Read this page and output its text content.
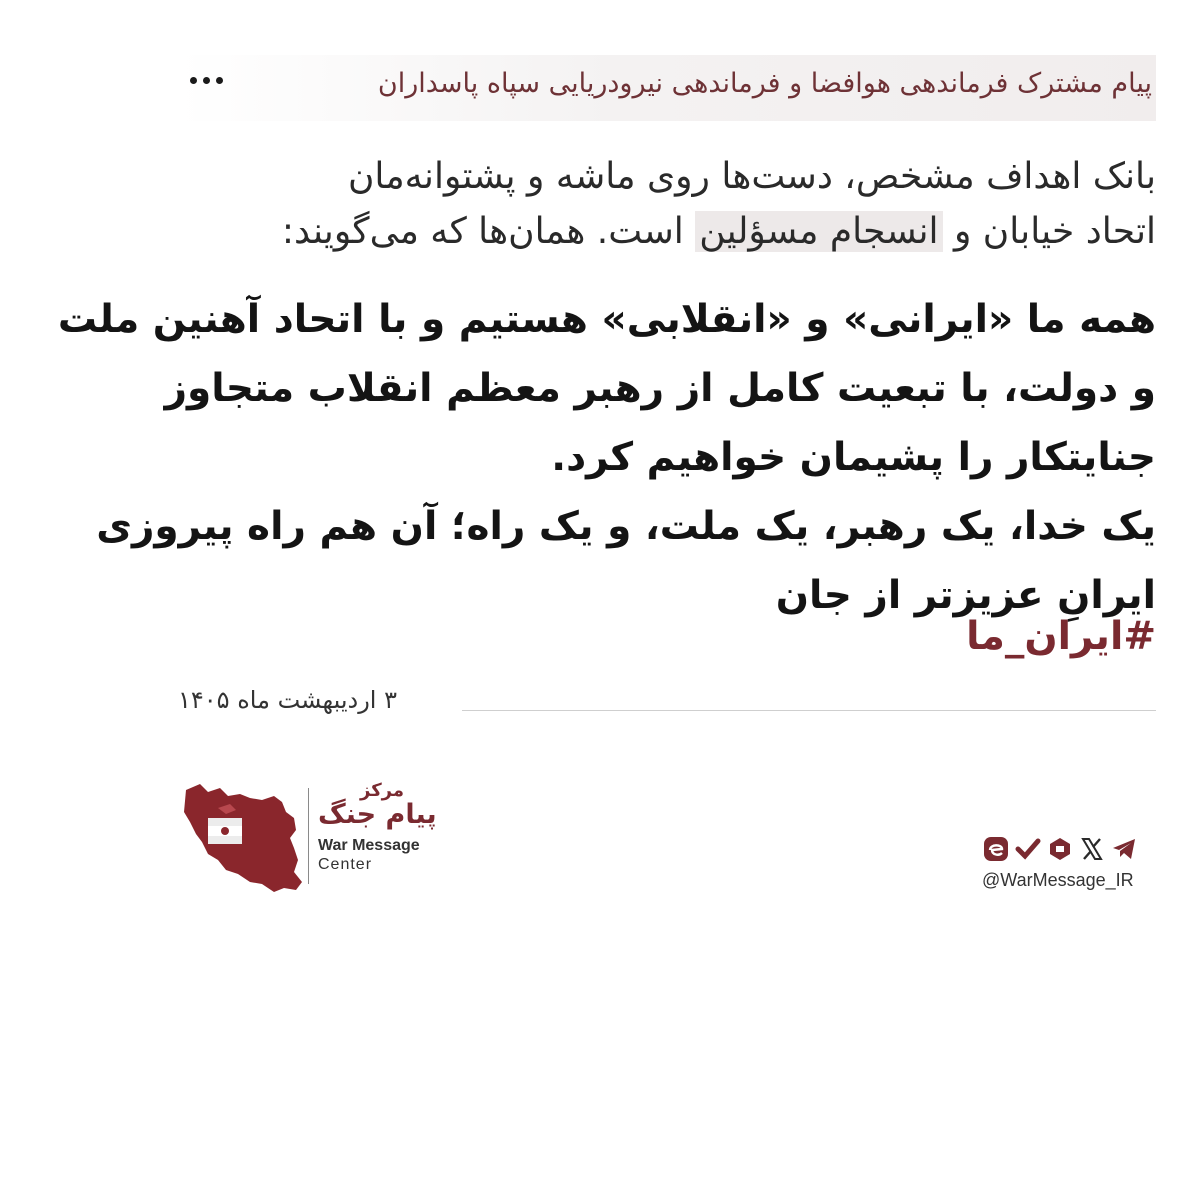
پیام مشترک فرماندهی هوافضا و فرماندهی نیرودریایی سپاه پاسداران
بانک اهداف مشخص، دست‌ها روی ماشه و پشتوانه‌مان
اتحاد خیابان و انسجام مسؤلین است. همان‌ها که می‌گویند:
همه ما «ایرانی» و «انقلابی» هستیم و با اتحاد آهنین ملت
و دولت، با تبعیت کامل از رهبر معظم انقلاب متجاوز
جنایتکار را پشیمان خواهیم کرد.
یک خدا، یک رهبر، یک ملت، و یک راه؛ آن هم راه پیروزی
ایرانِ عزیزتر از جان
#ایران_ما
۳ اردیبهشت ماه ۱۴۰۵
مرکز
پیام جنگ
War Message
Center
@WarMessage_IR
